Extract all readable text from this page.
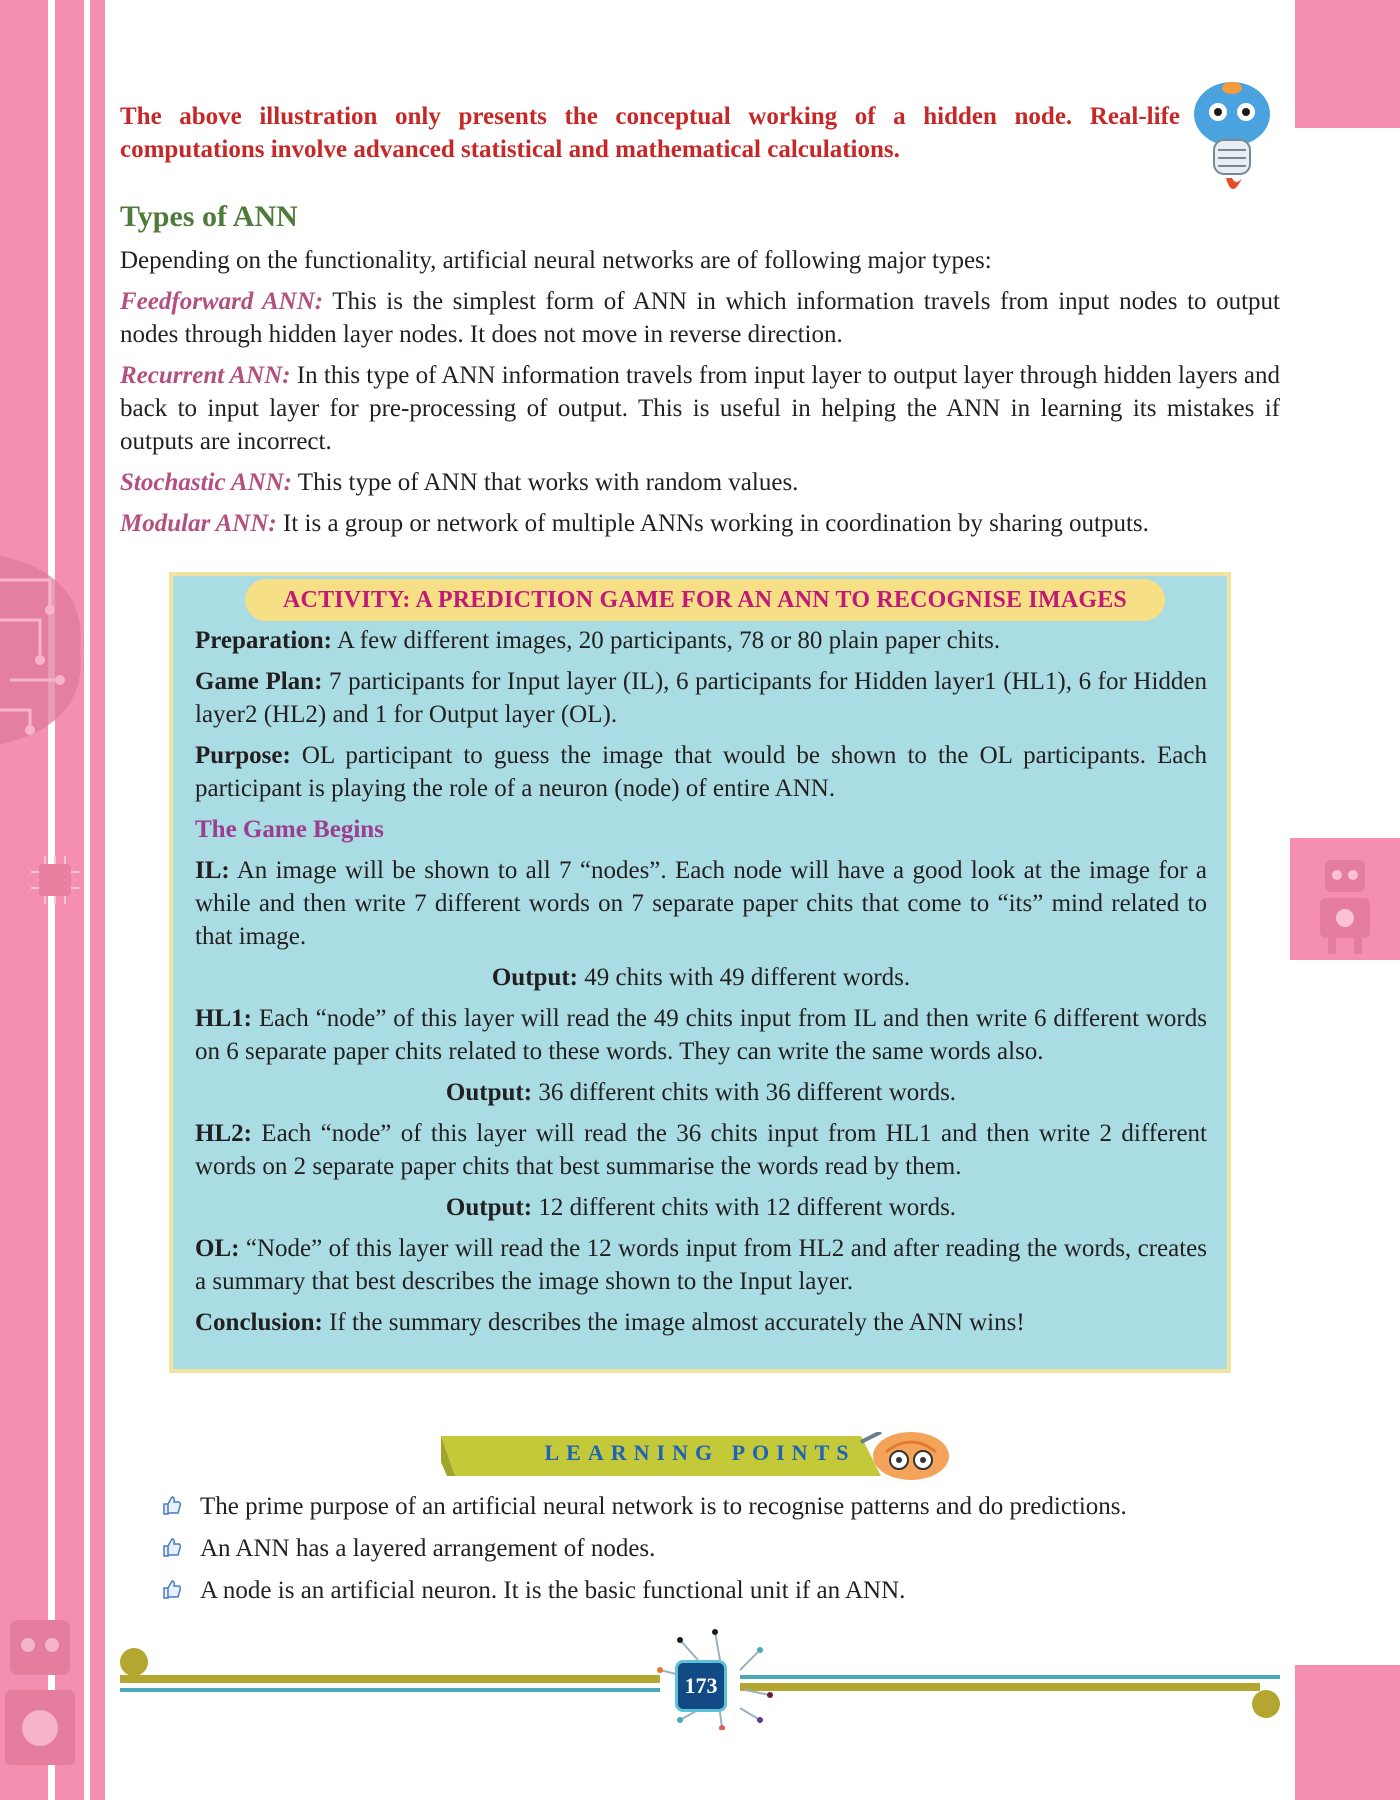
The above illustration only presents the conceptual working of a hidden node. Real-life computations involve advanced statistical and mathematical calculations.
Types of ANN
Depending on the functionality, artificial neural networks are of following major types:

Feedforward ANN: This is the simplest form of ANN in which information travels from input nodes to output nodes through hidden layer nodes. It does not move in reverse direction.

Recurrent ANN: In this type of ANN information travels from input layer to output layer through hidden layers and back to input layer for pre-processing of output. This is useful in helping the ANN in learning its mistakes if outputs are incorrect.

Stochastic ANN: This type of ANN that works with random values.

Modular ANN: It is a group or network of multiple ANNs working in coordination by sharing outputs.

ACTIVITY: A PREDICTION GAME FOR AN ANN TO RECOGNISE IMAGES

Preparation: A few different images, 20 participants, 78 or 80 plain paper chits.

Game Plan: 7 participants for Input layer (IL), 6 participants for Hidden layer1 (HL1), 6 for Hidden layer2 (HL2) and 1 for Output layer (OL).

Purpose: OL participant to guess the image that would be shown to the OL participants. Each participant is playing the role of a neuron (node) of entire ANN.

The Game Begins

IL: An image will be shown to all 7 “nodes”. Each node will have a good look at the image for a while and then write 7 different words on 7 separate paper chits that come to “its” mind related to that image.

Output: 49 chits with 49 different words.

HL1: Each “node” of this layer will read the 49 chits input from IL and then write 6 different words on 6 separate paper chits related to these words. They can write the same words also.

Output: 36 different chits with 36 different words.

HL2: Each “node” of this layer will read the 36 chits input from HL1 and then write 2 different words on 2 separate paper chits that best summarise the words read by them.

Output: 12 different chits with 12 different words.

OL: “Node” of this layer will read the 12 words input from HL2 and after reading the words, creates a summary that best describes the image shown to the Input layer.

Conclusion: If the summary describes the image almost accurately the ANN wins!

LEARNING POINTS
The prime purpose of an artificial neural network is to recognise patterns and do predictions.
An ANN has a layered arrangement of nodes.
A node is an artificial neuron. It is the basic functional unit if an ANN.
173
